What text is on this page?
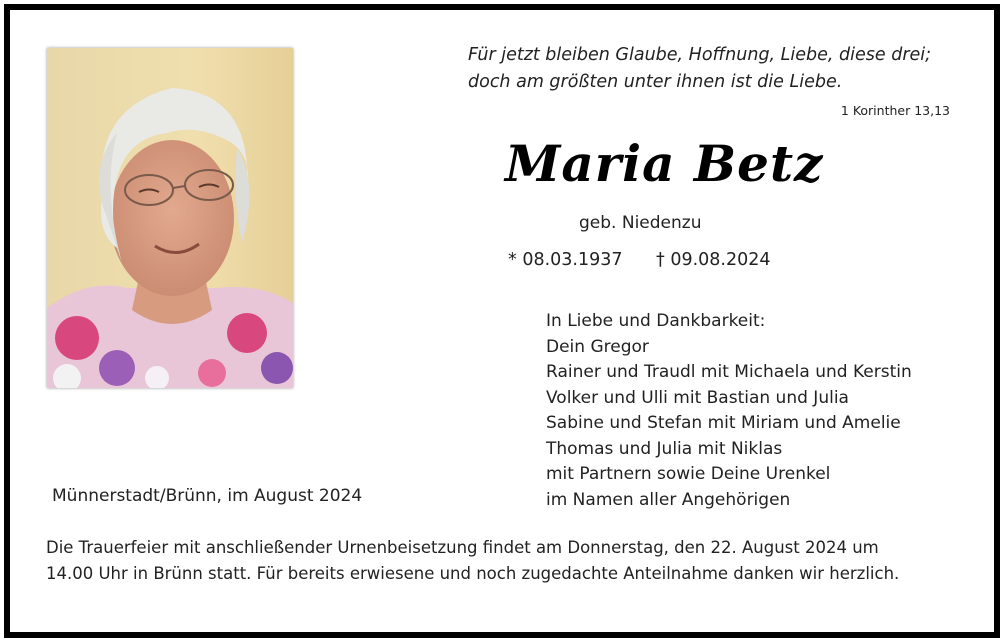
Für jetzt bleiben Glaube, Hoffnung, Liebe, diese drei;
doch am größten unter ihnen ist die Liebe.
1 Korinther 13,13
Maria Betz
geb. Niedenzu
* 08.03.1937 † 09.08.2024
In Liebe und Dankbarkeit:
Dein Gregor
Rainer und Traudl mit Michaela und Kerstin
Volker und Ulli mit Bastian und Julia
Sabine und Stefan mit Miriam und Amelie
Thomas und Julia mit Niklas
mit Partnern sowie Deine Urenkel
im Namen aller Angehörigen
Münnerstadt/Brünn, im August 2024
Die Trauerfeier mit anschließender Urnenbeisetzung findet am Donnerstag, den 22. August 2024 um
14.00 Uhr in Brünn statt. Für bereits erwiesene und noch zugedachte Anteilnahme danken wir herzlich.
